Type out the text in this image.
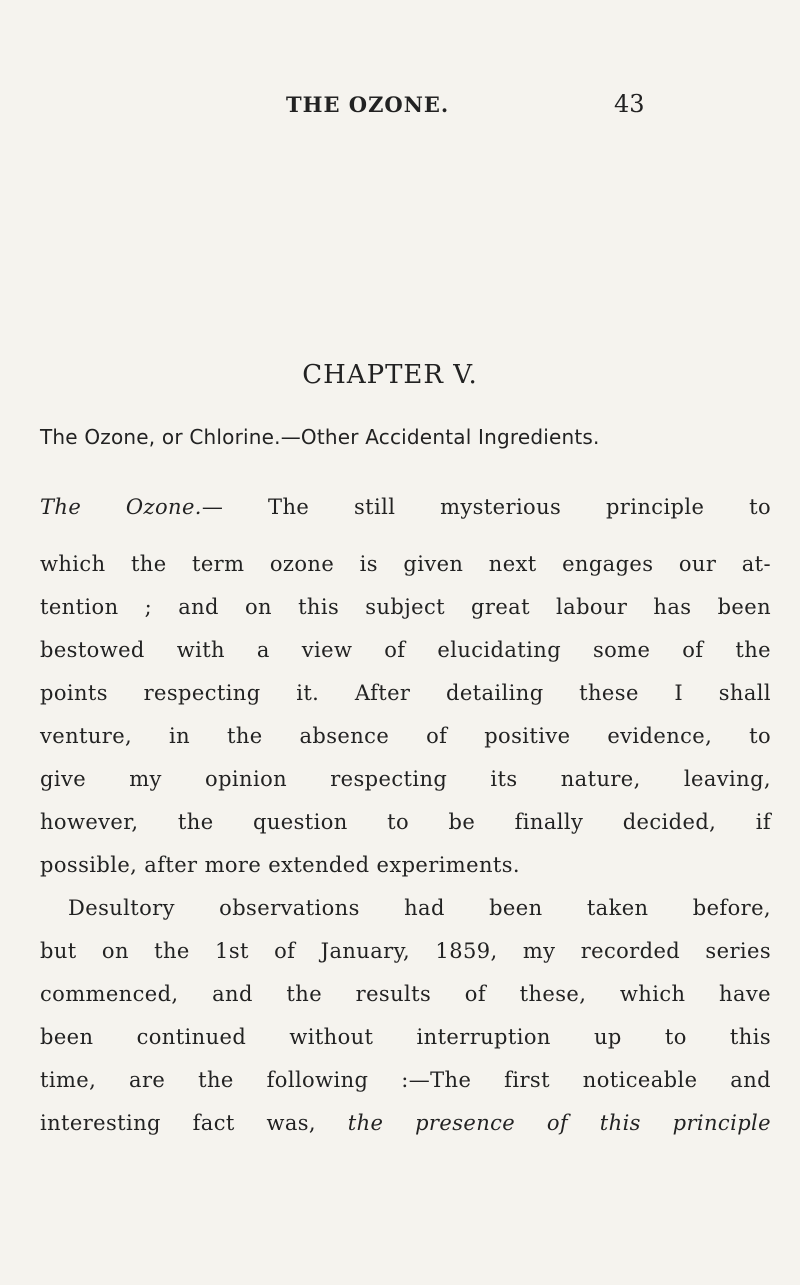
THE OZONE.	43
CHAPTER V.
The Ozone, or Chlorine.—Other Accidental Ingredients.
The Ozone.— The still mysterious principle to
which the term ozone is given next engages our at-
tention ; and on this subject great labour has been
bestowed with a view of elucidating some of the
points respecting it. After detailing these I shall
venture, in the absence of positive evidence, to
give my opinion respecting its nature, leaving,
however, the question to be finally decided, if
possible, after more extended experiments.
Desultory observations had been taken before,
but on the 1st of January, 1859, my recorded series
commenced, and the results of these, which have
been continued without interruption up to this
time, are the following :—The first noticeable and
interesting fact was, the presence of this principle
